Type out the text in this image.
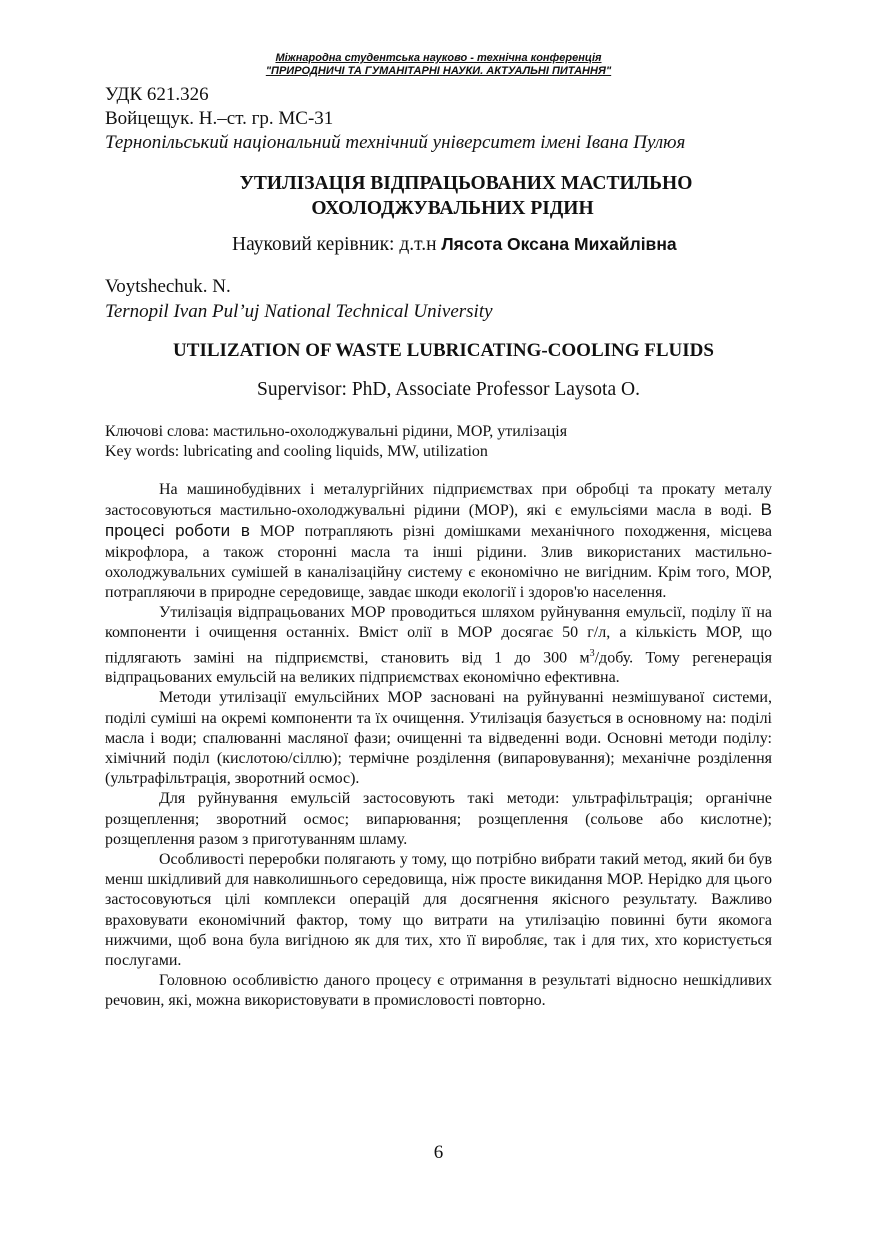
Міжнародна студентська науково - технічна конференція
"ПРИРОДНИЧІ ТА ГУМАНІТАРНІ НАУКИ. АКТУАЛЬНІ ПИТАННЯ"
УДК 621.326
Войцещук. Н.–ст. гр. МС-31
Тернопільський національний технічний університет імені Івана Пулюя
УТИЛІЗАЦІЯ ВІДПРАЦЬОВАНИХ МАСТИЛЬНО
ОХОЛОДЖУВАЛЬНИХ РІДИН
Науковий керівник: д.т.н Лясота Оксана Михайлівна
Voytshechuk. N.
Ternopil Ivan Pul’uj National Technical University
UTILIZATION OF WASTE LUBRICATING-COOLING FLUIDS
Supervisor: PhD, Associate Professor Laysota O.
Ключові слова: мастильно-охолоджувальні рідини, МОР, утилізація
Key words: lubricating and cooling liquids, MW, utilization

На машинобудівних і металургійних підприємствах при обробці та прокату металу застосовуються мастильно-охолоджувальні рідини (МОР), які є емульсіями масла в воді. В процесі роботи в МОР потрапляють різні домішками механічного походження, місцева мікрофлора, а також сторонні масла та інші рідини. Злив використаних мастильно-охолоджувальних сумішей в каналізаційну систему є економічно не вигідним. Крім того, МОР, потрапляючи в природне середовище, завдає шкоди екології і здоров'ю населення.

Утилізація відпрацьованих МОР проводиться шляхом руйнування емульсії, поділу її на компоненти і очищення останніх. Вміст олії в МОР досягає 50 г/л, а кількість МОР, що підлягають заміні на підприємстві, становить від 1 до 300 $м^3$/добу. Тому регенерація відпрацьованих емульсій на великих підприємствах економічно ефективна.

Методи утилізації емульсійних МОР засновані на руйнуванні незмішуваної системи, поділі суміші на окремі компоненти та їх очищення. Утилізація базується в основному на: поділі масла і води; спалюванні масляної фази; очищенні та відведенні води. Основні методи поділу: хімічний поділ (кислотою/сіллю); термічне розділення (випаровування); механічне розділення (ультрафільтрація, зворотний осмос).

Для руйнування емульсій застосовують такі методи: ультрафільтрація; органічне розщеплення; зворотний осмос; випарювання; розщеплення (сольове або кислотне); розщеплення разом з приготуванням шламу.

Особливості переробки полягають у тому, що потрібно вибрати такий метод, який би був менш шкідливий для навколишнього середовища, ніж просте викидання МОР. Нерідко для цього застосовуються цілі комплекси операцій для досягнення якісного результату. Важливо враховувати економічний фактор, тому що витрати на утилізацію повинні бути якомога нижчими, щоб вона була вигідною як для тих, хто її виробляє, так і для тих, хто користується послугами.

Головною особливістю даного процесу є отримання в результаті відносно нешкідливих речовин, які, можна використовувати в промисловості повторно.

6
